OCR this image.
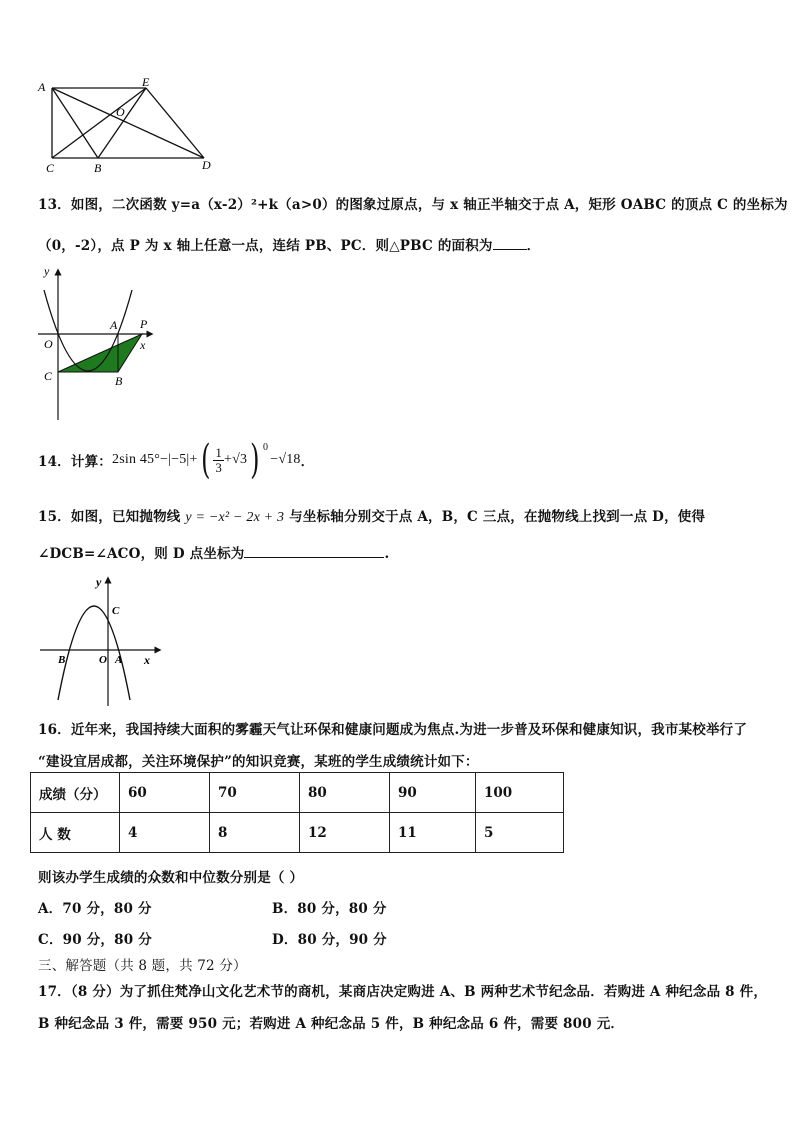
A	E
O
C	B	D
13．如图，二次函数 y=a（x-2）²+k（a>0）的图象过原点，与 x 轴正半轴交于点 A，矩形 OABC 的顶点 C 的坐标为
（0，-2），点 P 为 x 轴上任意一点，连结 PB、PC．则△PBC 的面积为	．
y
A P
O	x
C	B
14．计算： 2sin 45°−|−5|+ ( $\frac{1}{3} +√3$ ) 0
−√18 ．
15．如图，已知抛物线 y = −x² − 2x + 3 与坐标轴分别交于点 A，B，C 三点，在抛物线上找到一点 D，使得
∠DCB=∠ACO，则 D 点坐标为	.
y
C
B	O A x
16．近年来，我国持续大面积的雾霾天气让环保和健康问题成为焦点.为进一步普及环保和健康知识，我市某校举行了
“建设宜居成都，关注环境保护”的知识竞赛，某班的学生成绩统计如下：
成绩（分）	60	70	80	90	100
人 数	4	8	12	11	5
则该办学生成绩的众数和中位数分别是（ ）
A．70 分，80 分	B．80 分，80 分
C．90 分，80 分	D．80 分，90 分
三、解答题（共 8 题，共 72 分）
17．（8 分）为了抓住梵净山文化艺术节的商机，某商店决定购进 A、B 两种艺术节纪念品．若购进 A 种纪念品 8 件，
B 种纪念品 3 件，需要 950 元；若购进 A 种纪念品 5 件，B 种纪念品 6 件，需要 800 元．
